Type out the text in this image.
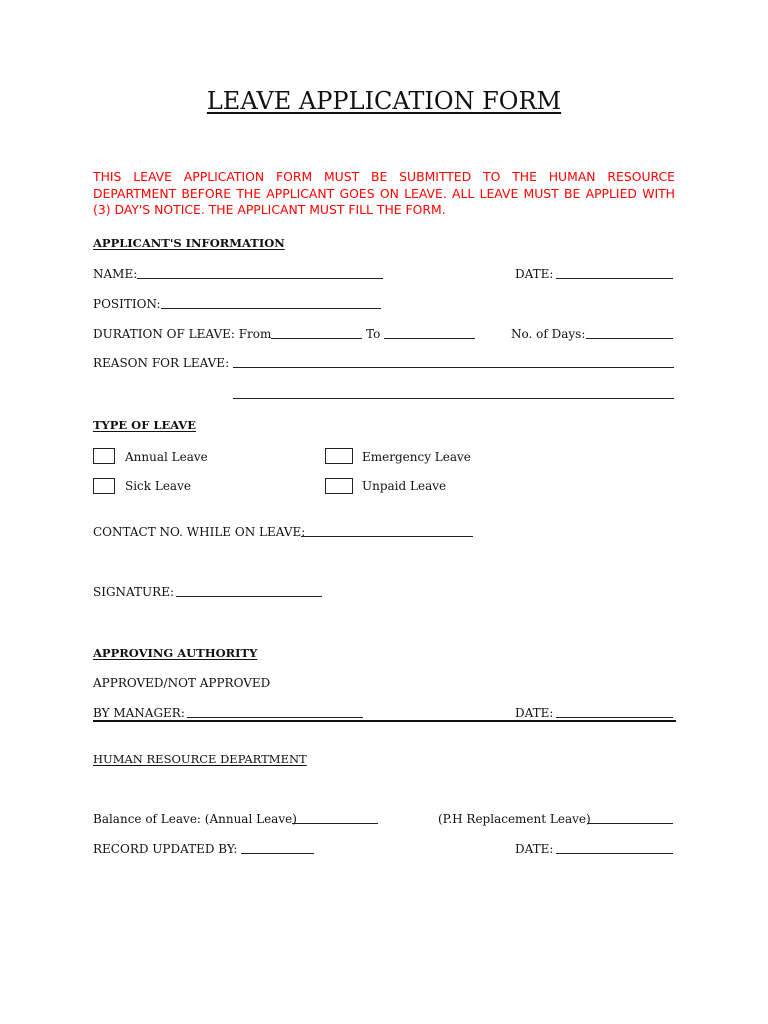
LEAVE APPLICATION FORM
THIS LEAVE APPLICATION FORM MUST BE SUBMITTED TO THE HUMAN RESOURCE DEPARTMENT BEFORE THE APPLICANT GOES ON LEAVE. ALL LEAVE MUST BE APPLIED WITH (3) DAY'S NOTICE. THE APPLICANT MUST FILL THE FORM.
APPLICANT'S INFORMATION
NAME:	DATE:
POSITION:
DURATION OF LEAVE: From	To	No. of Days:
REASON FOR LEAVE:
TYPE OF LEAVE
Annual Leave	Emergency Leave
Sick Leave	Unpaid Leave
CONTACT NO. WHILE ON LEAVE:
SIGNATURE:
APPROVING AUTHORITY
APPROVED/NOT APPROVED
BY MANAGER:	DATE:
HUMAN RESOURCE DEPARTMENT
Balance of Leave: (Annual Leave)	(P.H Replacement Leave)
RECORD UPDATED BY:	DATE:
